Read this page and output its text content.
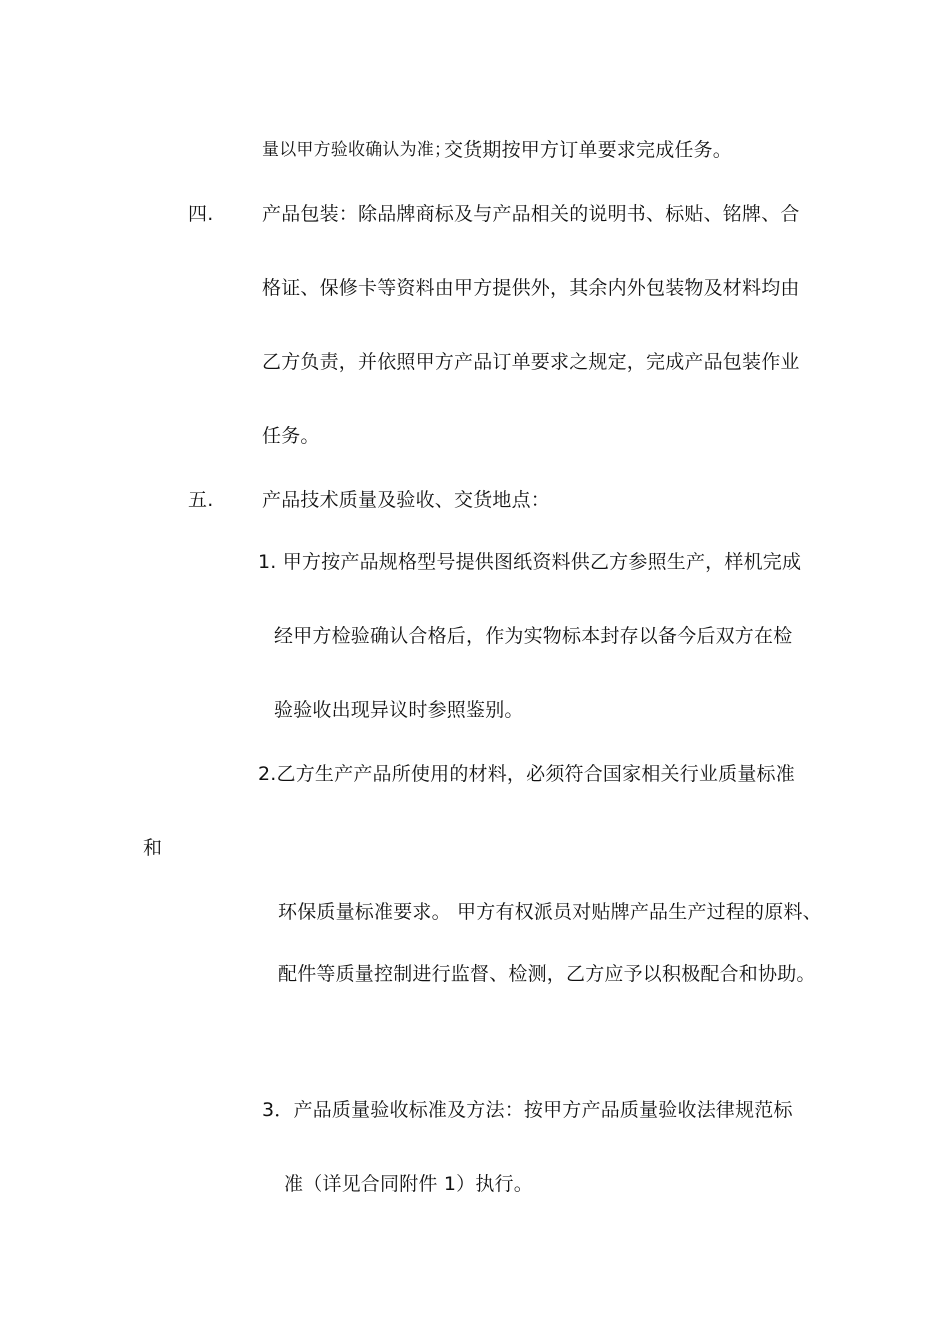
量以甲方验收确认为准；
交货期按甲方订单要求完成任务。
四.	产品包装：除品牌商标及与产品相关的说明书、标贴、铭牌、合
格证、保修卡等资料由甲方提供外，其余内外包装物及材料均由
乙方负责，并依照甲方产品订单要求之规定，完成产品包装作业
任务。
五.	产品技术质量及验收、交货地点：
1. 甲方按产品规格型号提供图纸资料供乙方参照生产，样机完成
经甲方检验确认合格后，作为实物标本封存以备今后双方在检
验验收出现异议时参照鉴别。
2.乙方生产产品所使用的材料，必须符合国家相关行业质量标准
和
环保质量标准要求。 甲方有权派员对贴牌产品生产过程的原料、
配件等质量控制进行监督、检测，乙方应予以积极配合和协助。
3．产品质量验收标准及方法：按甲方产品质量验收法律规范标
准（详见合同附件 1）执行。
